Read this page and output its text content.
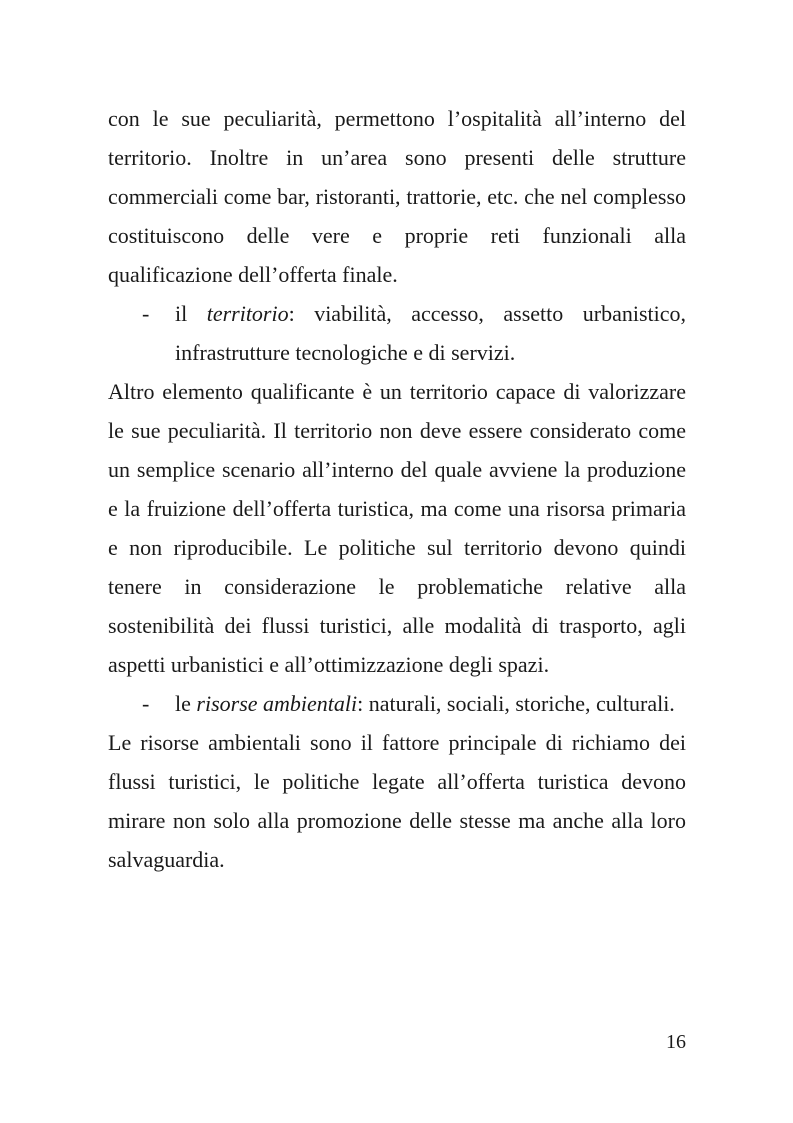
con le sue peculiarità, permettono l’ospitalità all’interno del territorio. Inoltre in un’area sono presenti delle strutture commerciali come bar, ristoranti, trattorie, etc. che nel complesso costituiscono delle vere e proprie reti funzionali alla qualificazione dell’offerta finale.

- il territorio: viabilità, accesso, assetto urbanistico, infrastrutture tecnologiche e di servizi.

Altro elemento qualificante è un territorio capace di valorizzare le sue peculiarità. Il territorio non deve essere considerato come un semplice scenario all’interno del quale avviene la produzione e la fruizione dell’offerta turistica, ma come una risorsa primaria e non riproducibile. Le politiche sul territorio devono quindi tenere in considerazione le problematiche relative alla sostenibilità dei flussi turistici, alle modalità di trasporto, agli aspetti urbanistici e all’ottimizzazione degli spazi.

- le risorse ambientali: naturali, sociali, storiche, culturali.

Le risorse ambientali sono il fattore principale di richiamo dei flussi turistici, le politiche legate all’offerta turistica devono mirare non solo alla promozione delle stesse ma anche alla loro salvaguardia.

16
